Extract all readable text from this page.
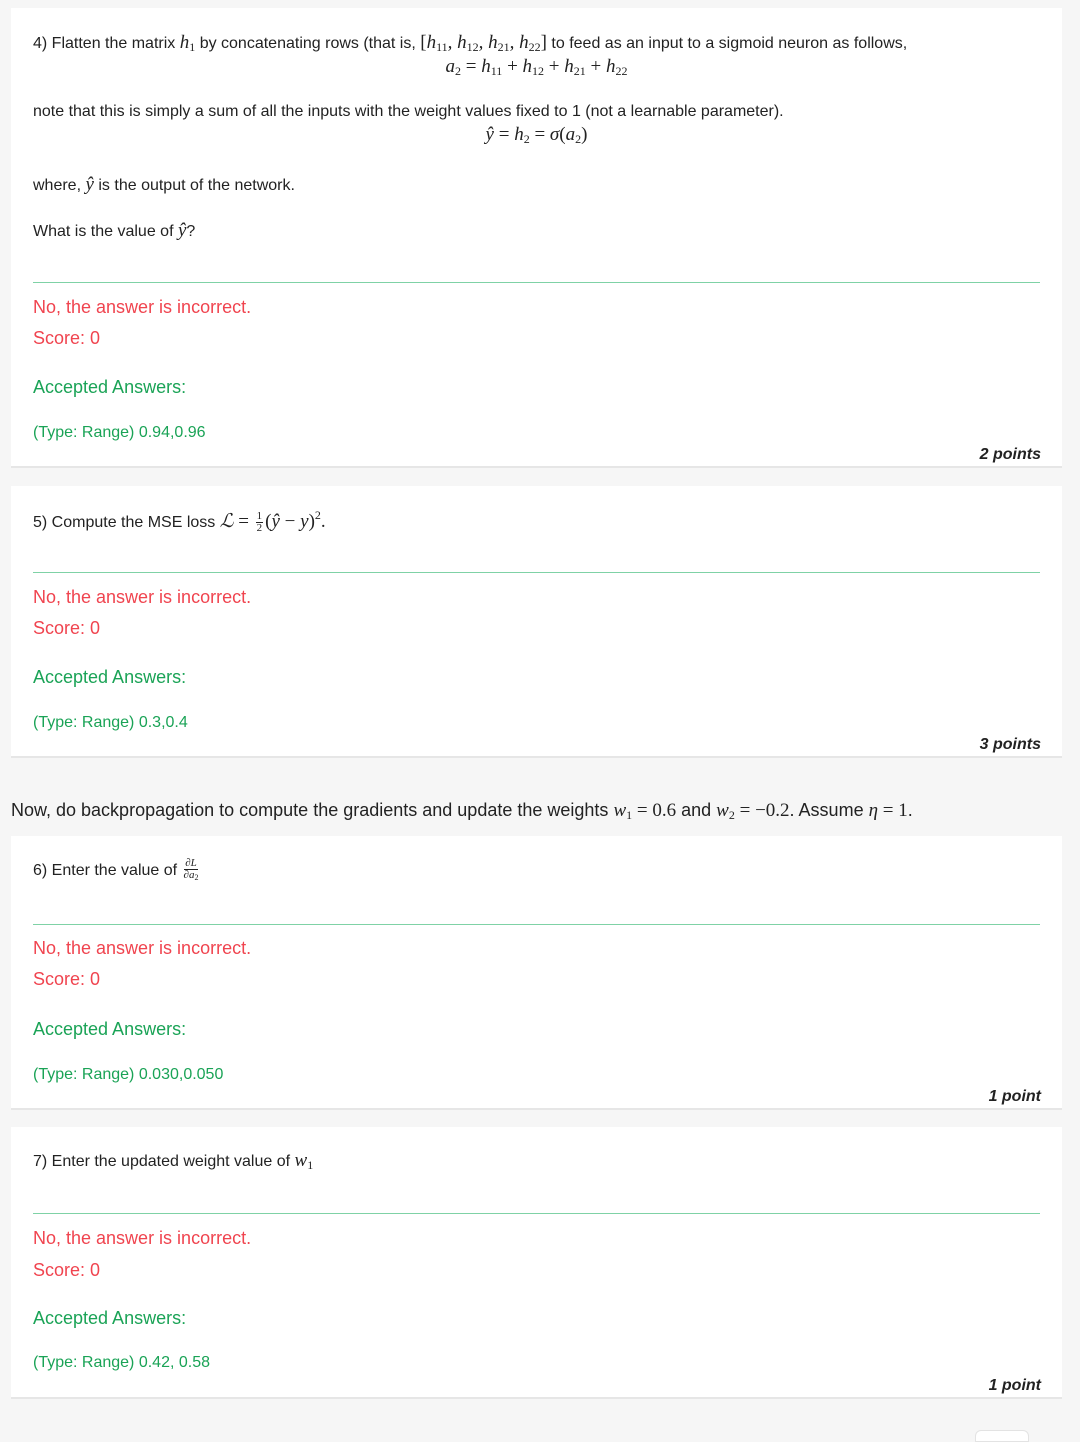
4) Flatten the matrix $h_1$ by concatenating rows (that is, [$h_{11}$, $h_{12}$, $h_{21}$, $h_{22}$] to feed as an input to a sigmoid neuron as follows,
$a_2 = h_{11} + h_{12} + h_{21} + h_{22}$
note that this is simply a sum of all the inputs with the weight values fixed to 1 (not a learnable parameter).
ŷ = $h_2 = \sigma(a_2)$
where, ŷ is the output of the network.
What is the value of ŷ?
No, the answer is incorrect.
Score: 0
Accepted Answers:
(Type: Range) 0.94,0.96
2 points
5) Compute the MSE loss ℒ = $\frac{1}{2}$ (ŷ − y)$^2$.
No, the answer is incorrect.
Score: 0
Accepted Answers:
(Type: Range) 0.3,0.4
3 points
Now, do backpropagation to compute the gradients and update the weights $w_1 = 0.6$ and $w_2 = -0.2$. Assume η = 1.
6) Enter the value of $\frac{\partial L}{\partial a2}$
No, the answer is incorrect.
Score: 0
Accepted Answers:
(Type: Range) 0.030,0.050
1 point
7) Enter the updated weight value of $w_1$
No, the answer is incorrect.
Score: 0
Accepted Answers:
(Type: Range) 0.42, 0.58
1 point
